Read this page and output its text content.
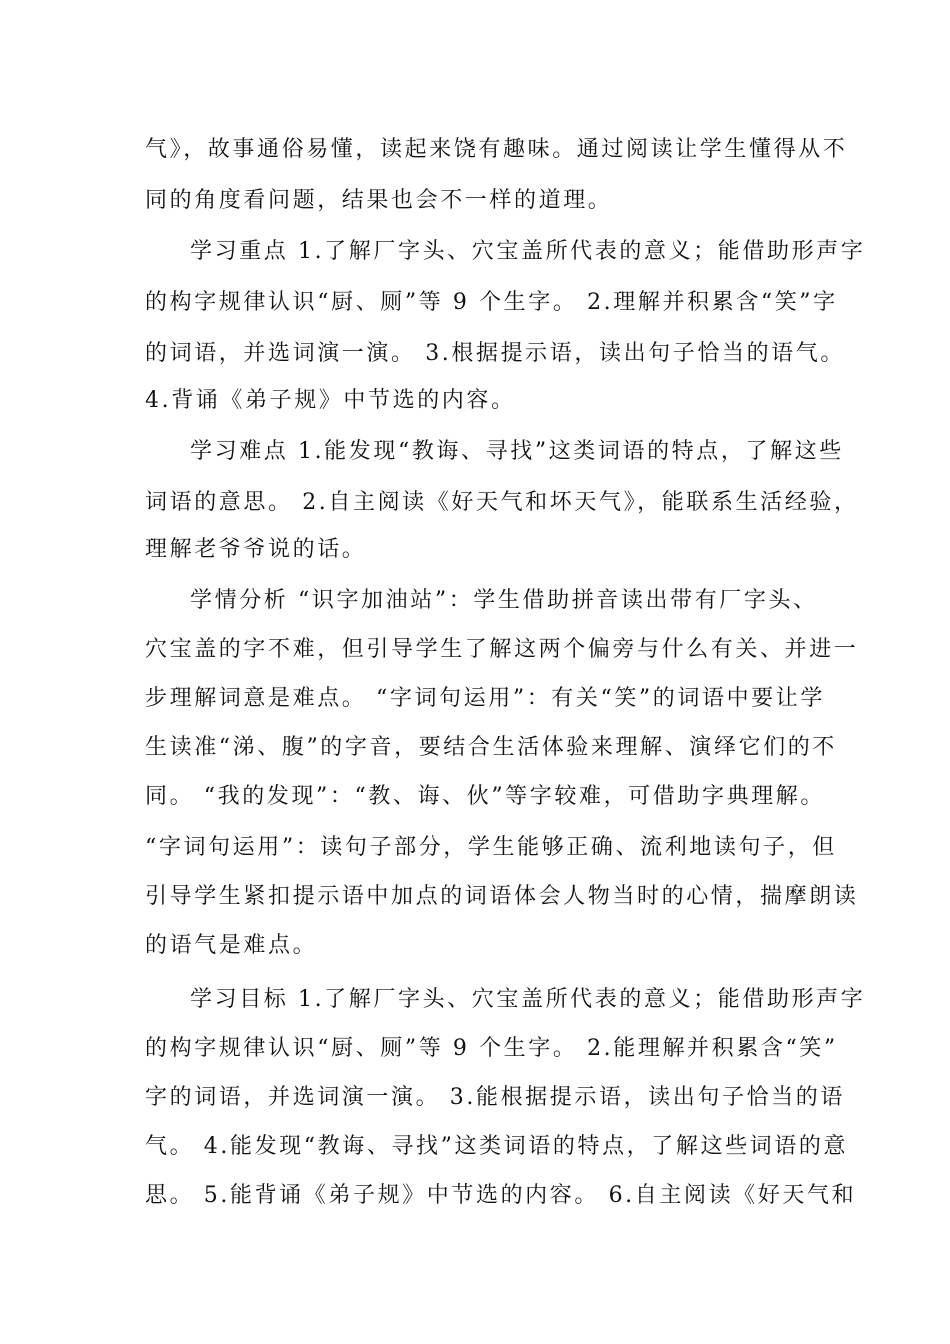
气》，故事通俗易懂，读起来饶有趣味。通过阅读让学生懂得从不
同的角度看问题，结果也会不一样的道理。
学习重点 1.了解厂字头、穴宝盖所代表的意义；能借助形声字
的构字规律认识“厨、厕”等 9 个生字。 2.理解并积累含“笑”字
的词语，并选词演一演。 3.根据提示语，读出句子恰当的语气。
4.背诵《弟子规》中节选的内容。
学习难点 1.能发现“教诲、寻找”这类词语的特点，了解这些
词语的意思。 2.自主阅读《好天气和坏天气》，能联系生活经验，
理解老爷爷说的话。
学情分析 “识字加油站”：学生借助拼音读出带有厂字头、
穴宝盖的字不难，但引导学生了解这两个偏旁与什么有关、并进一
步理解词意是难点。 “字词句运用”：有关“笑”的词语中要让学
生读准“涕、腹”的字音，要结合生活体验来理解、演绎它们的不
同。 “我的发现”：“教、诲、伙”等字较难，可借助字典理解。
“字词句运用”：读句子部分，学生能够正确、流利地读句子，但
引导学生紧扣提示语中加点的词语体会人物当时的心情，揣摩朗读
的语气是难点。
学习目标 1.了解厂字头、穴宝盖所代表的意义；能借助形声字
的构字规律认识“厨、厕”等 9 个生字。 2.能理解并积累含“笑”
字的词语，并选词演一演。 3.能根据提示语，读出句子恰当的语
气。 4.能发现“教诲、寻找”这类词语的特点，了解这些词语的意
思。 5.能背诵《弟子规》中节选的内容。 6.自主阅读《好天气和
